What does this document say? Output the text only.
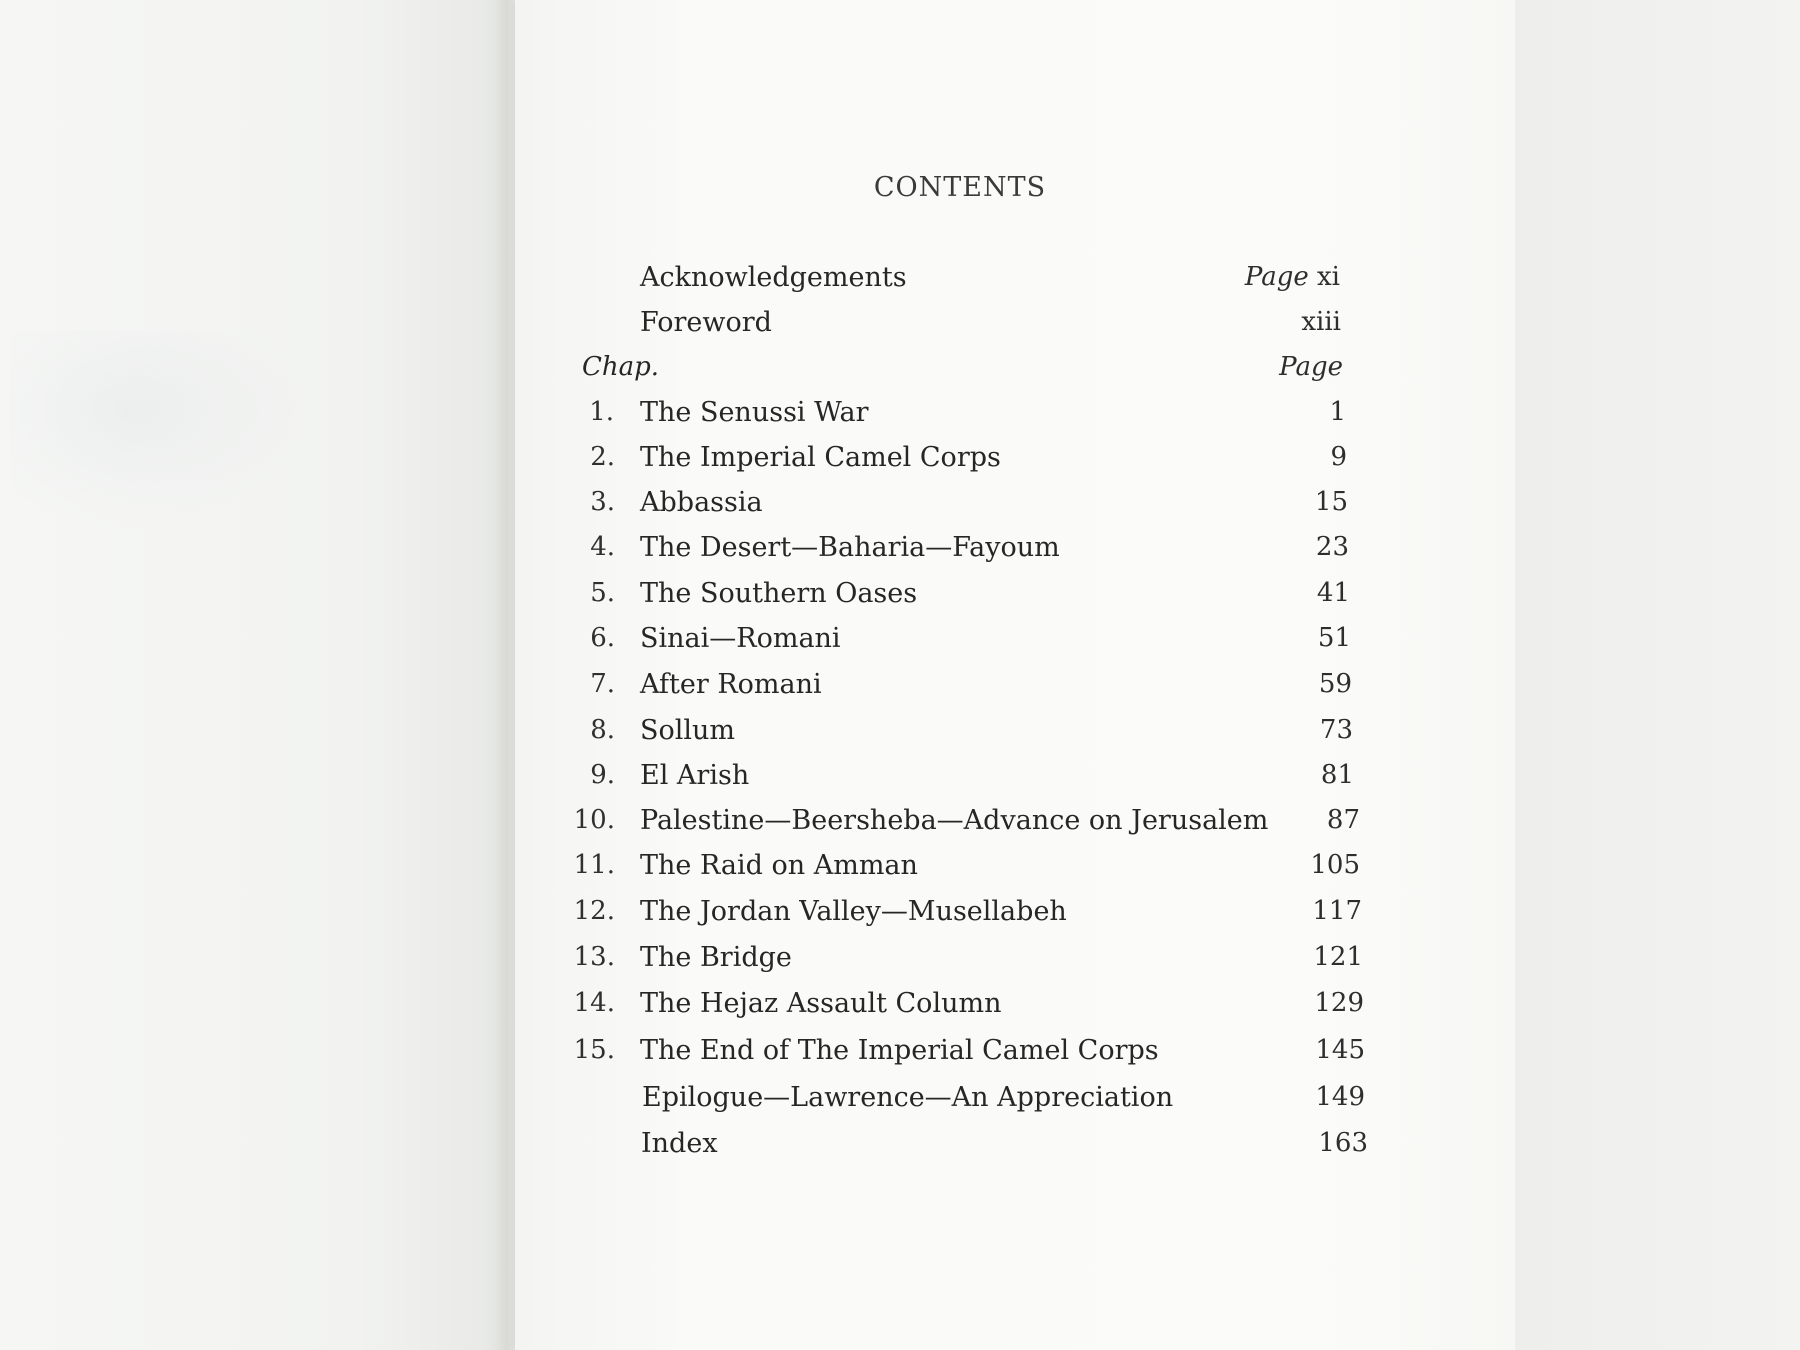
CONTENTS
Acknowledgements	Page xi
Foreword	xiii
Chap.	Page
1. The Senussi War	1
2. The Imperial Camel Corps	9
3. Abbassia	15
4. The Desert—Baharia—Fayoum	23
5. The Southern Oases	41
6. Sinai—Romani	51
7. After Romani	59
8. Sollum	73
9. El Arish	81
10. Palestine—Beersheba—Advance on Jerusalem	87
11. The Raid on Amman	105
12. The Jordan Valley—Musellabeh	117
13. The Bridge	121
14. The Hejaz Assault Column	129
15. The End of The Imperial Camel Corps	145
Epilogue—Lawrence—An Appreciation	149
Index	163
